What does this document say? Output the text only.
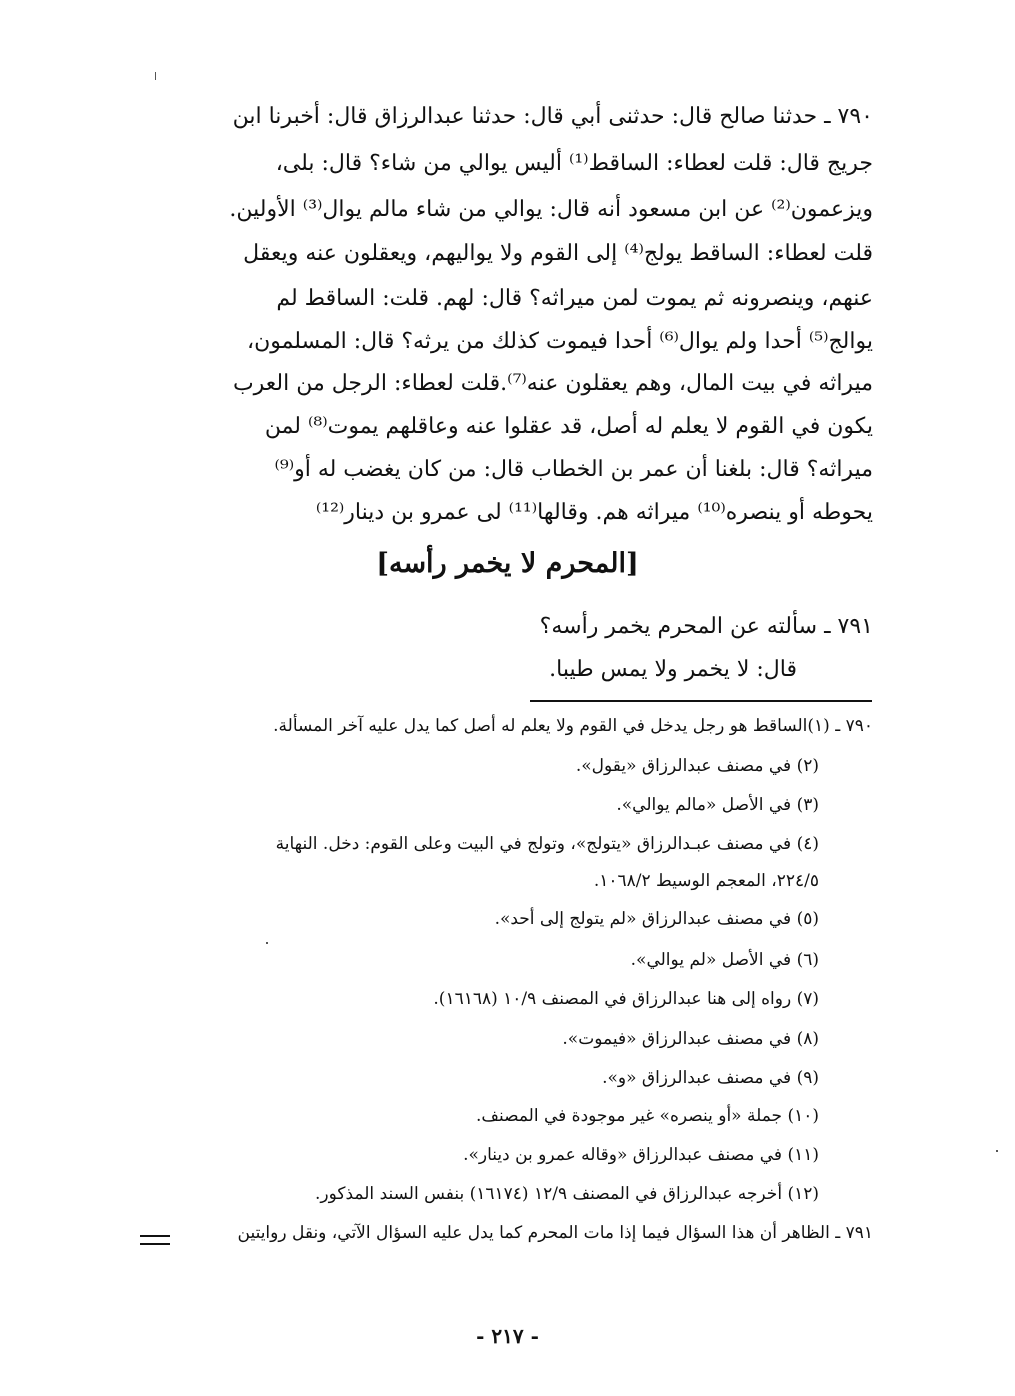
٧٩٠ ـ حدثنا صالح قال: حدثنى أبي قال: حدثنا عبدالرزاق قال: أخبرنا ابن
جريج قال: قلت لعطاء: الساقط⁽¹⁾ أليس يوالي من شاء؟ قال: بلى،
ويزعمون⁽²⁾ عن ابن مسعود أنه قال: يوالي من شاء مالم يوال⁽³⁾ الأولين.
قلت لعطاء: الساقط يولج⁽⁴⁾ إلى القوم ولا يواليهم، ويعقلون عنه ويعقل
عنهم، وينصرونه ثم يموت لمن ميراثه؟ قال: لهم. قلت: الساقط لم
يوالج⁽⁵⁾ أحدا ولم يوال⁽⁶⁾ أحدا فيموت كذلك من يرثه؟ قال: المسلمون،
ميراثه في بيت المال، وهم يعقلون عنه⁽⁷⁾.قلت لعطاء: الرجل من العرب
يكون في القوم لا يعلم له أصل، قد عقلوا عنه وعاقلهم يموت⁽⁸⁾ لمن
ميراثه؟ قال: بلغنا أن عمر بن الخطاب قال: من كان يغضب له أو⁽⁹⁾
يحوطه أو ينصره⁽¹⁰⁾ ميراثه هم. وقالها⁽¹¹⁾ لى عمرو بن دينار⁽¹²⁾
[المحرم لا يخمر رأسه]
٧٩١ ـ سألته عن المحرم يخمر رأسه؟
قال: لا يخمر ولا يمس طيبا.
٧٩٠ ـ (١)الساقط هو رجل يدخل في القوم ولا يعلم له أصل كما يدل عليه آخر المسألة.
(٢) في مصنف عبدالرزاق «يقول».
(٣) في الأصل «مالم يوالي».
(٤) في مصنف عبـدالرزاق «يتولج»، وتولج في البيت وعلى القوم: دخل. النهاية
٢٢٤/٥، المعجم الوسيط ١٠٦٨/٢.
(٥) في مصنف عبدالرزاق «لم يتولج إلى أحد».
(٦) في الأصل «لم يوالي».
(٧) رواه إلى هنا عبدالرزاق في المصنف ١٠/٩ (١٦١٦٨).
(٨) في مصنف عبدالرزاق «فيموت».
(٩) في مصنف عبدالرزاق «و».
(١٠) جملة «أو ينصره» غير موجودة في المصنف.
(١١) في مصنف عبدالرزاق «وقاله عمرو بن دينار».
(١٢) أخرجه عبدالرزاق في المصنف ١٢/٩ (١٦١٧٤) بنفس السند المذكور.
٧٩١ ـ الظاهر أن هذا السؤال فيما إذا مات المحرم كما يدل عليه السؤال الآتي، ونقل روايتين
- ٢١٧ -
